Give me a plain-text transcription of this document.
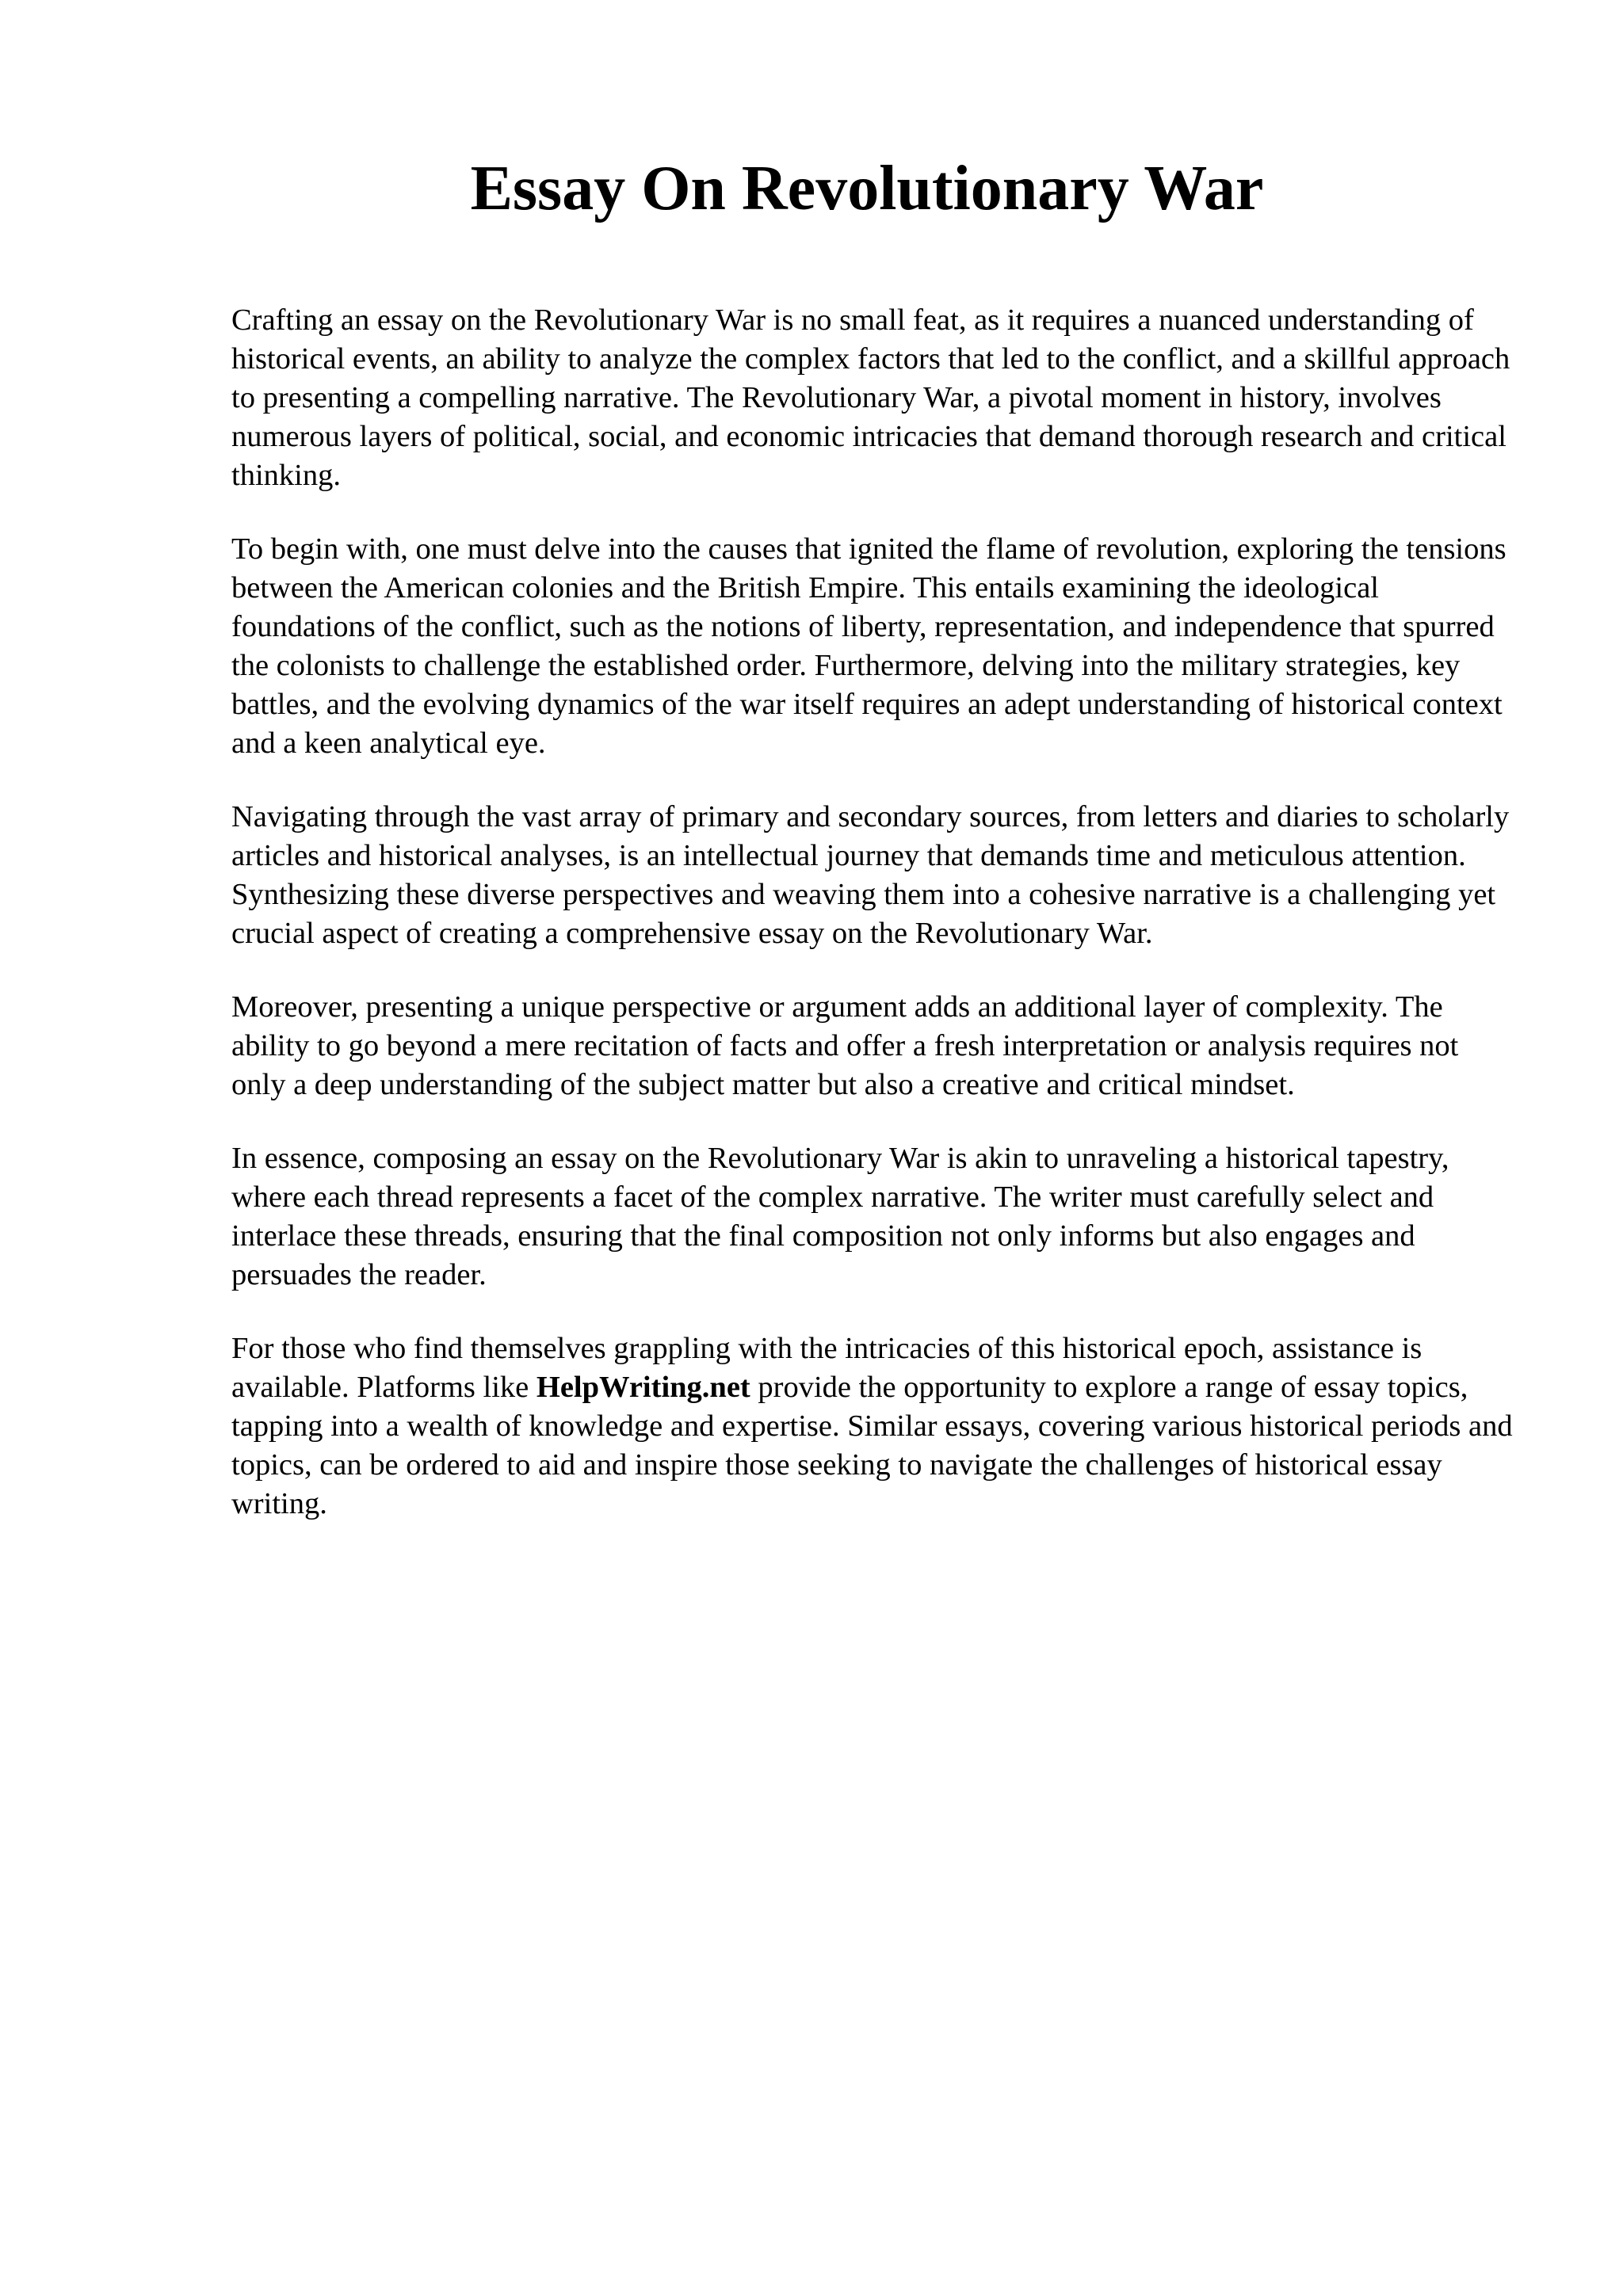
Essay On Revolutionary War

Crafting an essay on the Revolutionary War is no small feat, as it requires a nuanced understanding of historical events, an ability to analyze the complex factors that led to the conflict, and a skillful approach to presenting a compelling narrative. The Revolutionary War, a pivotal moment in history, involves numerous layers of political, social, and economic intricacies that demand thorough research and critical thinking.

To begin with, one must delve into the causes that ignited the flame of revolution, exploring the tensions between the American colonies and the British Empire. This entails examining the ideological foundations of the conflict, such as the notions of liberty, representation, and independence that spurred the colonists to challenge the established order. Furthermore, delving into the military strategies, key battles, and the evolving dynamics of the war itself requires an adept understanding of historical context and a keen analytical eye.

Navigating through the vast array of primary and secondary sources, from letters and diaries to scholarly articles and historical analyses, is an intellectual journey that demands time and meticulous attention. Synthesizing these diverse perspectives and weaving them into a cohesive narrative is a challenging yet crucial aspect of creating a comprehensive essay on the Revolutionary War.

Moreover, presenting a unique perspective or argument adds an additional layer of complexity. The ability to go beyond a mere recitation of facts and offer a fresh interpretation or analysis requires not only a deep understanding of the subject matter but also a creative and critical mindset.

In essence, composing an essay on the Revolutionary War is akin to unraveling a historical tapestry, where each thread represents a facet of the complex narrative. The writer must carefully select and interlace these threads, ensuring that the final composition not only informs but also engages and persuades the reader.

For those who find themselves grappling with the intricacies of this historical epoch, assistance is available. Platforms like HelpWriting.net provide the opportunity to explore a range of essay topics, tapping into a wealth of knowledge and expertise. Similar essays, covering various historical periods and topics, can be ordered to aid and inspire those seeking to navigate the challenges of historical essay writing.
